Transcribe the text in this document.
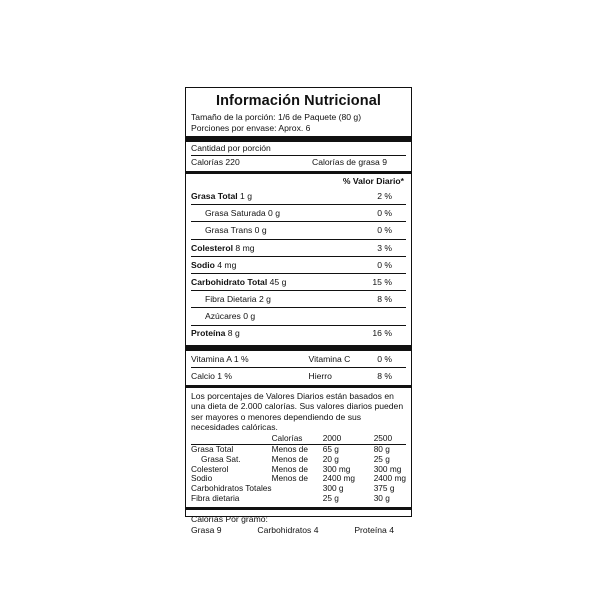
Información Nutricional
Tamaño de la porción: 1/6 de Paquete (80 g)
Porciones por envase: Aprox. 6
Cantidad por porción
Calorías 220	Calorías de grasa 9
% Valor Diario*
Grasa Total 1 g	2 %
Grasa Saturada 0 g	0 %
Grasa Trans 0 g	0 %
Colesterol 8 mg	3 %
Sodio 4 mg	0 %
Carbohidrato Total 45 g	15 %
Fibra Dietaria 2 g	8 %
Azúcares 0 g
Proteína 8 g	16 %
Vitamina A 1 %	Vitamina C	0 %
Calcio 1 %	Hierro	8 %
Los porcentajes de Valores Diarios están basados en una dieta de 2.000 calorías. Sus valores diarios pueden ser mayores o menores dependiendo de sus necesidades calóricas.
	Calorías	2000	2500
Grasa Total	Menos de	65 g	80 g
Grasa Sat.	Menos de	20 g	25 g
Colesterol	Menos de	300 mg	300 mg
Sodio	Menos de	2400 mg	2400 mg
Carbohidratos Totales		300 g	375 g
Fibra dietaria		25 g	30 g
Calorías Por gramo:
Grasa 9	Carbohidratos 4	Proteína 4
